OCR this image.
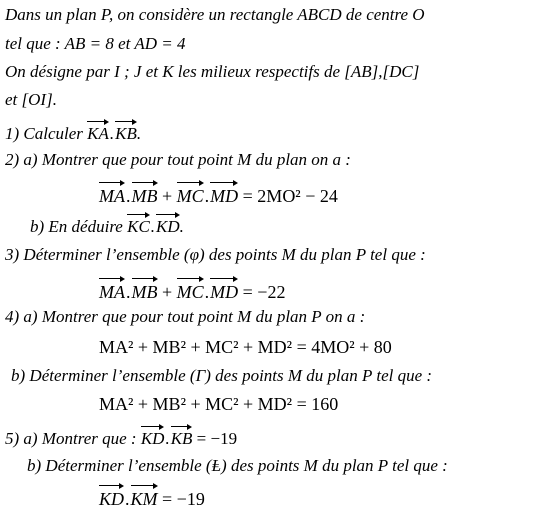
Dans un plan P, on considère un rectangle ABCD de centre O
tel que : AB = 8 et AD = 4
On désigne par I ; J et K les milieux respectifs de [AB],[DC]
et [OI].
1) Calculer KA.KB.
2) a) Montrer que pour tout point M du plan on a :
MA.MB + MC.MD = 2MO² − 24
b) En déduire KC.KD.
3) Déterminer l’ensemble (φ) des points M du plan P tel que :
MA.MB + MC.MD = −22
4) a) Montrer que pour tout point M du plan P on a :
MA² + MB² + MC² + MD² = 4MO² + 80
b) Déterminer l’ensemble (Γ) des points M du plan P tel que :
MA² + MB² + MC² + MD² = 160
5) a) Montrer que : KD.KB = −19
b) Déterminer l’ensemble (Ⱡ) des points M du plan P tel que :
KD.KM = −19
